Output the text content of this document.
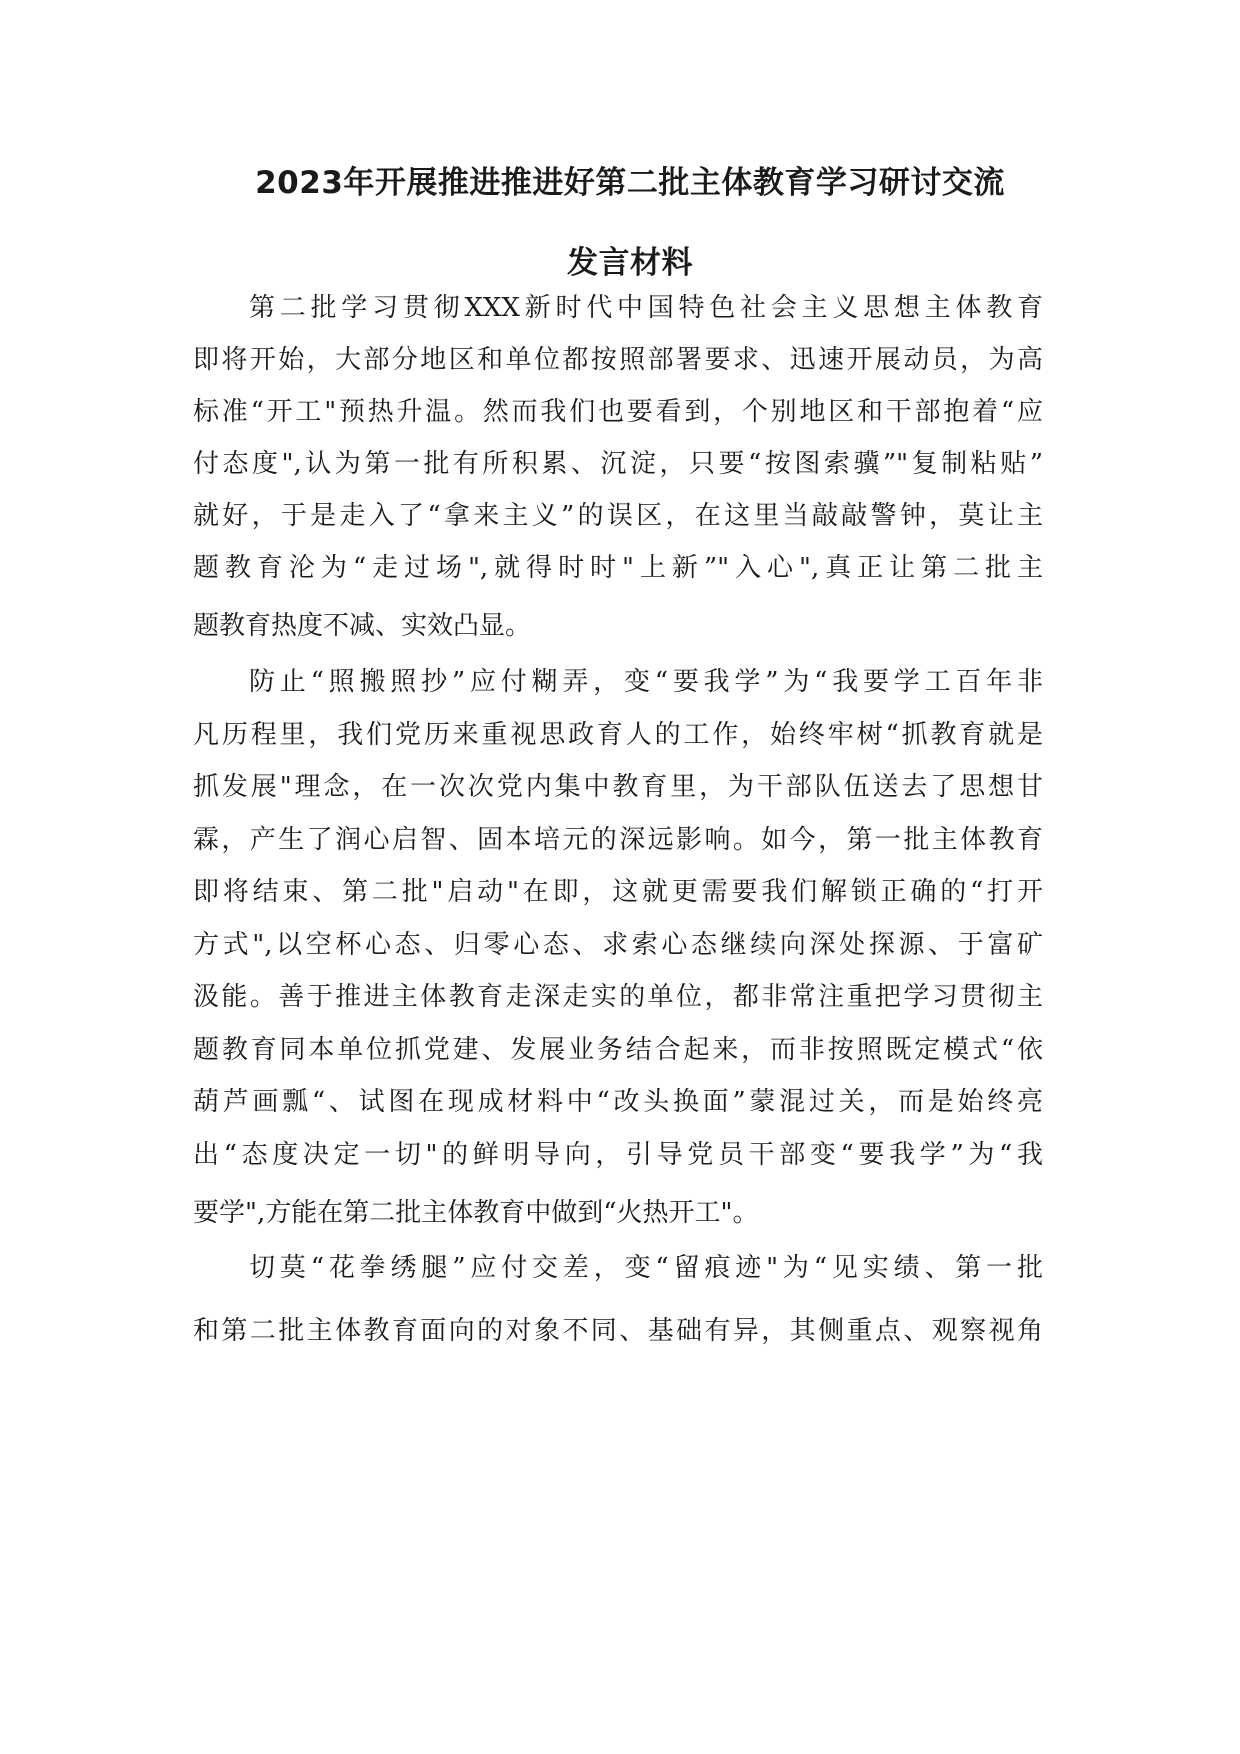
2023年开展推进推进好第二批主体教育学习研讨交流
发言材料
第二批学习贯彻XXX新时代中国特色社会主义思想主体教育
即将开始，大部分地区和单位都按照部署要求、迅速开展动员，为高
标准“开工"预热升温。然而我们也要看到，个别地区和干部抱着“应
付态度",认为第一批有所积累、沉淀，只要“按图索骥”"复制粘贴”
就好，于是走入了“拿来主义”的误区，在这里当敲敲警钟，莫让主
题教育沦为“走过场",就得时时"上新”"入心",真正让第二批主
题教育热度不减、实效凸显。
防止“照搬照抄”应付糊弄，变“要我学”为“我要学工百年非
凡历程里，我们党历来重视思政育人的工作，始终牢树“抓教育就是
抓发展"理念，在一次次党内集中教育里，为干部队伍送去了思想甘
霖，产生了润心启智、固本培元的深远影响。如今，第一批主体教育
即将结束、第二批"启动"在即，这就更需要我们解锁正确的“打开
方式",以空杯心态、归零心态、求索心态继续向深处探源、于富矿
汲能。善于推进主体教育走深走实的单位，都非常注重把学习贯彻主
题教育同本单位抓党建、发展业务结合起来，而非按照既定模式“依
葫芦画瓢“、试图在现成材料中“改头换面”蒙混过关，而是始终亮
出“态度决定一切"的鲜明导向，引导党员干部变“要我学”为“我
要学",方能在第二批主体教育中做到“火热开工"。
切莫“花拳绣腿”应付交差，变“留痕迹"为“见实绩、第一批
和第二批主体教育面向的对象不同、基础有异，其侧重点、观察视角
